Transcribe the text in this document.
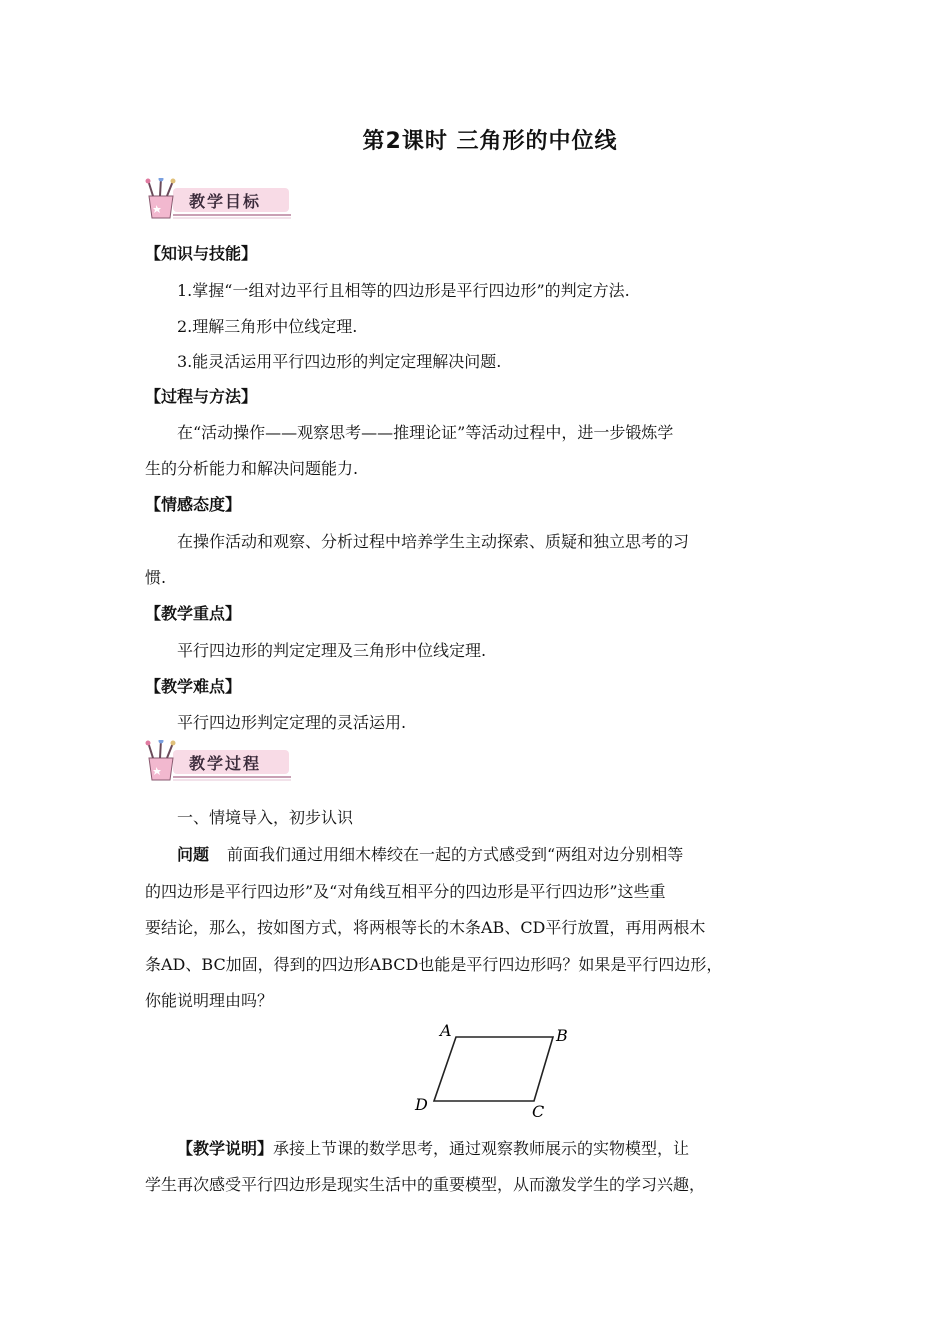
第2课时 三角形的中位线
教学目标
【知识与技能】
1.掌握“一组对边平行且相等的四边形是平行四边形”的判定方法.
2.理解三角形中位线定理.
3.能灵活运用平行四边形的判定定理解决问题.
【过程与方法】
在“活动操作——观察思考——推理论证”等活动过程中，进一步锻炼学
生的分析能力和解决问题能力.
【情感态度】
在操作活动和观察、分析过程中培养学生主动探索、质疑和独立思考的习
惯.
【教学重点】
平行四边形的判定定理及三角形中位线定理.
【教学难点】
平行四边形判定定理的灵活运用.
教学过程
一、情境导入，初步认识
问题 前面我们通过用细木棒绞在一起的方式感受到“两组对边分别相等
的四边形是平行四边形”及“对角线互相平分的四边形是平行四边形”这些重
要结论，那么，按如图方式，将两根等长的木条AB、CD平行放置，再用两根木
条AD、BC加固，得到的四边形ABCD也能是平行四边形吗？如果是平行四边形，
你能说明理由吗？
A	B
C
D
【教学说明】承接上节课的数学思考，通过观察教师展示的实物模型，让
学生再次感受平行四边形是现实生活中的重要模型，从而激发学生的学习兴趣，
